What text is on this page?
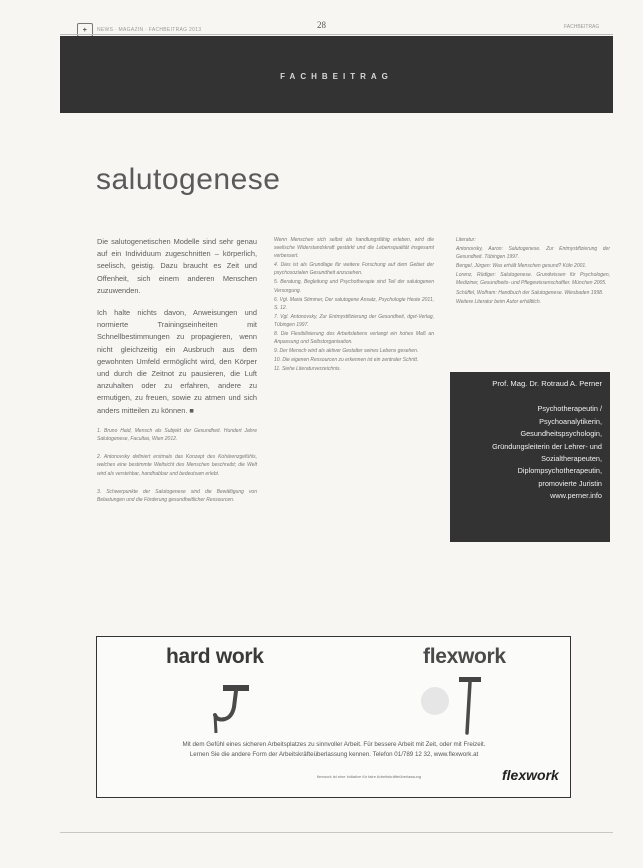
+	NEWS · MAGAZIN · FACHBEITRAG 2013	28	FACHBEITRAG
FACHBEITRAG
salutogenese

Die salutogenetischen Modelle sind sehr genau auf ein Individuum zugeschnitten – körperlich, seelisch, geistig. Dazu braucht es Zeit und Offenheit, sich einem anderen Menschen zuzuwenden.

Ich halte nichts davon, Anweisungen und normierte Trainingseinheiten mit Schnellbestimmungen zu propagieren, wenn nicht gleichzeitig ein Ausbruch aus dem gewohnten Umfeld ermöglicht wird, den Körper und durch die Zeitnot zu pausieren, die Luft anzuhalten oder zu erfahren, andere zu ermutigen, zu freuen, sowie zu atmen und sich anders mitteilen zu können. ■

1. Bruno Haid, Mensch als Subjekt der Gesundheit. Hundert Jahre Salutogenese, Facultas, Wien 2012.

2. Antonovsky definiert erstmals das Konzept des Kohärenzgefühls, welches eine bestimmte Weltsicht des Menschen beschreibt; die Welt wird als verstehbar, handhabbar und bedeutsam erlebt.

3. Schwerpunkte der Salutogenese sind die Bewältigung von Belastungen und die Förderung gesundheitlicher Ressourcen.

Wenn Menschen sich selbst als handlungsfähig erleben, wird die seelische Widerstandskraft gestärkt und die Lebensqualität insgesamt verbessert.

4. Dies ist als Grundlage für weitere Forschung auf dem Gebiet der psychosozialen Gesundheit anzusehen.

5. Beratung, Begleitung und Psychotherapie sind Teil der salutogenen Versorgung.

6. Vgl. Maria Stimmer, Der salutogene Ansatz, Psychologie Heute 2011, S. 12.

7. Vgl. Antonovsky, Zur Entmystifizierung der Gesundheit, dgvt-Verlag, Tübingen 1997.

8. Die Flexibilisierung des Arbeitslebens verlangt ein hohes Maß an Anpassung und Selbstorganisation.

9. Der Mensch wird als aktiver Gestalter seines Lebens gesehen.

10. Die eigenen Ressourcen zu erkennen ist ein zentraler Schritt.

11. Siehe Literaturverzeichnis.

Literatur:

Antonovsky, Aaron: Salutogenese. Zur Entmystifizierung der Gesundheit. Tübingen 1997.

Bengel, Jürgen: Was erhält Menschen gesund? Köln 2001.

Lorenz, Rüdiger: Salutogenese. Grundwissen für Psychologen, Mediziner, Gesundheits- und Pflegewissenschaftler. München 2005.

Schüffel, Wolfram: Handbuch der Salutogenese. Wiesbaden 1998.

Weitere Literatur beim Autor erhältlich.

Prof. Mag. Dr. Rotraud A. Perner
Psychotherapeutin /
Psychoanalytikerin,
Gesundheitspsychologin,
Gründungsleiterin der Lehrer- und
Sozialtherapeuten,
Diplompsychotherapeutin,
promovierte Juristin
www.perner.info
hard work	flexwork
Mit dem Gefühl eines sicheren Arbeitsplatzes zu sinnvoller Arbeit. Für bessere Arbeit mit Zeit, oder mit Freizeit.
Lernen Sie die andere Form der Arbeitskräfteüberlassung kennen. Telefon 01/789 12 32, www.flexwork.at
flexwork ist eine Initiative für faire Arbeitskräfteüberlassung	flexwork
